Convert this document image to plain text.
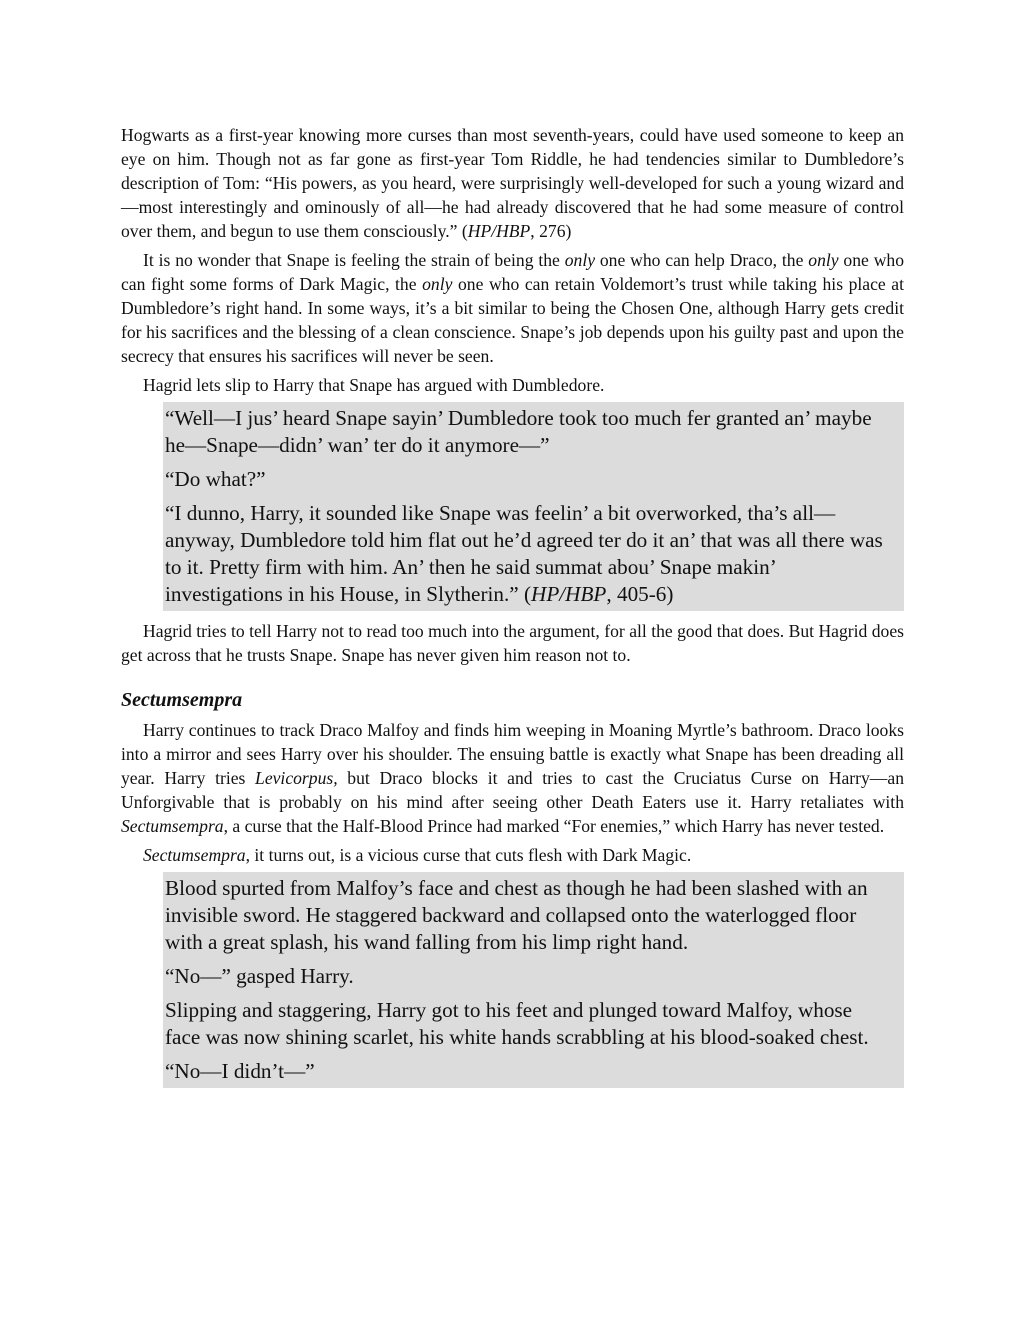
Hogwarts as a first-year knowing more curses than most seventh-years, could have used someone to keep an eye on him. Though not as far gone as first-year Tom Riddle, he had tendencies similar to Dumbledore’s description of Tom: “His powers, as you heard, were surprisingly well-developed for such a young wizard and—most interestingly and ominously of all—he had already discovered that he had some measure of control over them, and begun to use them consciously.” (HP/HBP, 276)

It is no wonder that Snape is feeling the strain of being the only one who can help Draco, the only one who can fight some forms of Dark Magic, the only one who can retain Voldemort’s trust while taking his place at Dumbledore’s right hand. In some ways, it’s a bit similar to being the Chosen One, although Harry gets credit for his sacrifices and the blessing of a clean conscience. Snape’s job depends upon his guilty past and upon the secrecy that ensures his sacrifices will never be seen.

Hagrid lets slip to Harry that Snape has argued with Dumbledore.

“Well—I jus’ heard Snape sayin’ Dumbledore took too much fer granted an’ maybe he—Snape—didn’ wan’ ter do it anymore—”

“Do what?”

“I dunno, Harry, it sounded like Snape was feelin’ a bit overworked, tha’s all—anyway, Dumbledore told him flat out he’d agreed ter do it an’ that was all there was to it. Pretty firm with him. An’ then he said summat abou’ Snape makin’ investigations in his House, in Slytherin.” (HP/HBP, 405-6)

Hagrid tries to tell Harry not to read too much into the argument, for all the good that does. But Hagrid does get across that he trusts Snape. Snape has never given him reason not to.

Sectumsempra

Harry continues to track Draco Malfoy and finds him weeping in Moaning Myrtle’s bathroom. Draco looks into a mirror and sees Harry over his shoulder. The ensuing battle is exactly what Snape has been dreading all year. Harry tries Levicorpus, but Draco blocks it and tries to cast the Cruciatus Curse on Harry—an Unforgivable that is probably on his mind after seeing other Death Eaters use it. Harry retaliates with Sectumsempra, a curse that the Half-Blood Prince had marked “For enemies,” which Harry has never tested.

Sectumsempra, it turns out, is a vicious curse that cuts flesh with Dark Magic.

Blood spurted from Malfoy’s face and chest as though he had been slashed with an invisible sword. He staggered backward and collapsed onto the waterlogged floor with a great splash, his wand falling from his limp right hand.

“No—” gasped Harry.

Slipping and staggering, Harry got to his feet and plunged toward Malfoy, whose face was now shining scarlet, his white hands scrabbling at his blood-soaked chest.

“No—I didn’t—”
